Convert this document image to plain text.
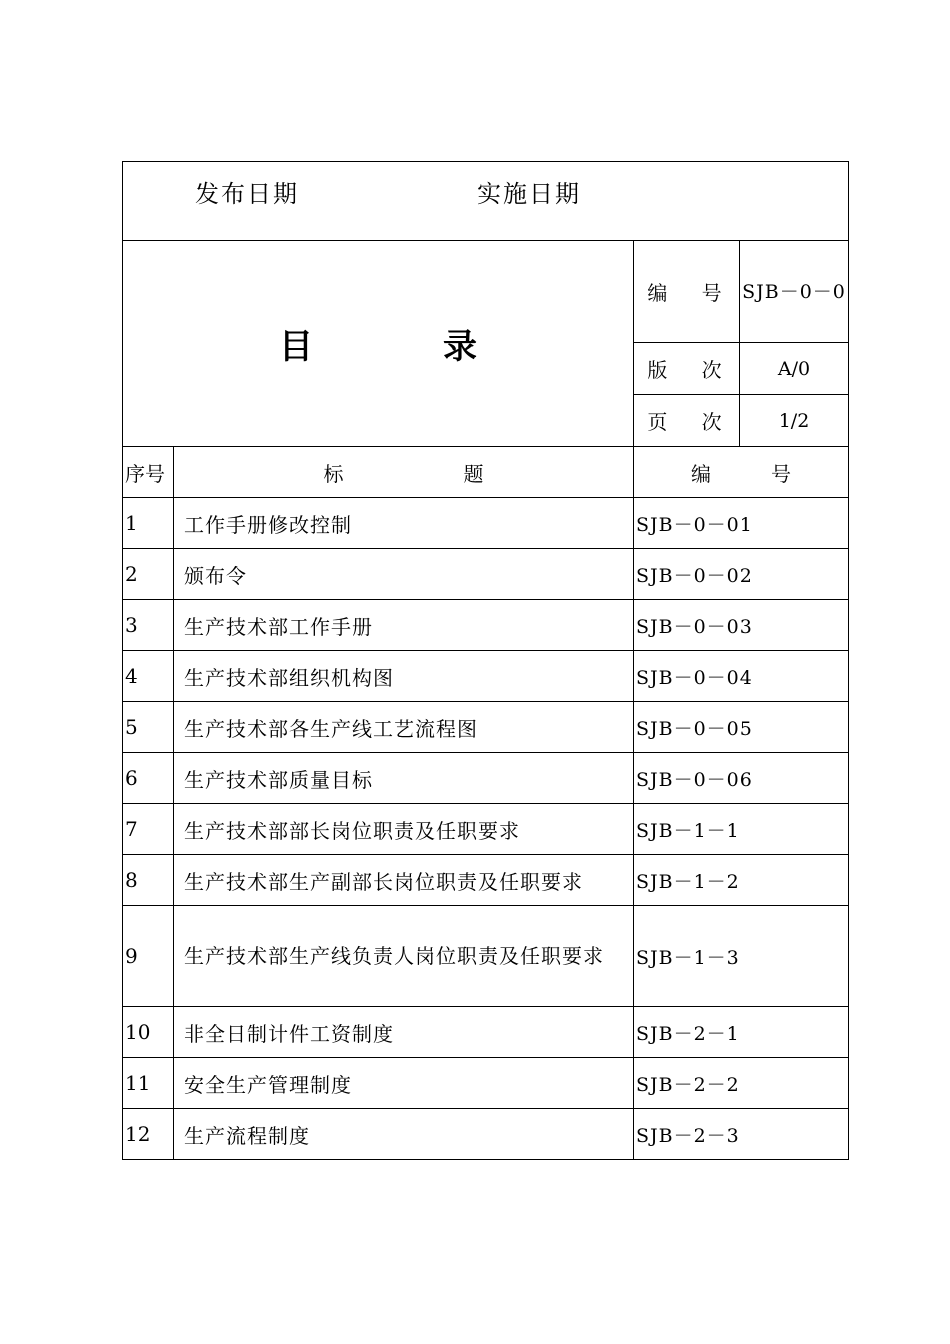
发布日期 实施日期			
目 录		编 号	SJB－0－0
		版 次	A/0
		页 次	1/2
序号	标 题	编 号	
1	工作手册修改控制	SJB－0－01	
2	颁布令	SJB－0－02	
3	生产技术部工作手册	SJB－0－03	
4	生产技术部组织机构图	SJB－0－04	
5	生产技术部各生产线工艺流程图	SJB－0－05	
6	生产技术部质量目标	SJB－0－06	
7	生产技术部部长岗位职责及任职要求	SJB－1－1	
8	生产技术部生产副部长岗位职责及任职要求	SJB－1－2	
9	生产技术部生产线负责人岗位职责及任职要求	SJB－1－3	
10	非全日制计件工资制度	SJB－2－1	
11	安全生产管理制度	SJB－2－2	
12	生产流程制度	SJB－2－3	
